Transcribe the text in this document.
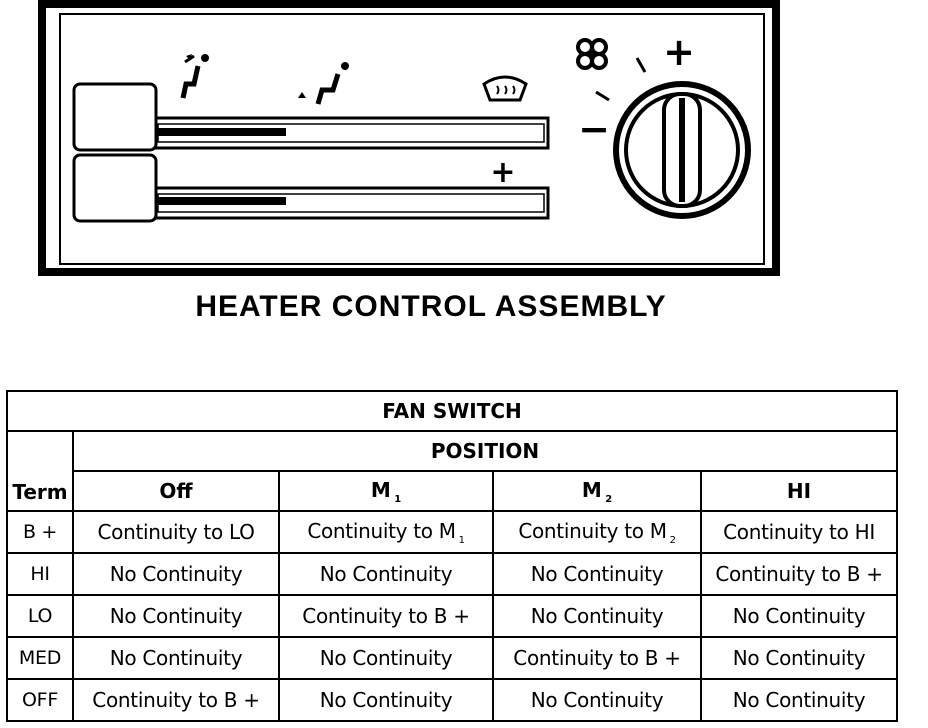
+
+
−
HEATER CONTROL ASSEMBLY
FAN SWITCH				
Term	POSITION			
	Off	M $_1$	M $_2$	HI
B +	Continuity to LO	Continuity to M $_1$	Continuity to M $_2$	Continuity to HI
HI	No Continuity	No Continuity	No Continuity	Continuity to B +
LO	No Continuity	Continuity to B +	No Continuity	No Continuity
MED	No Continuity	No Continuity	Continuity to B +	No Continuity
OFF	Continuity to B +	No Continuity	No Continuity	No Continuity
